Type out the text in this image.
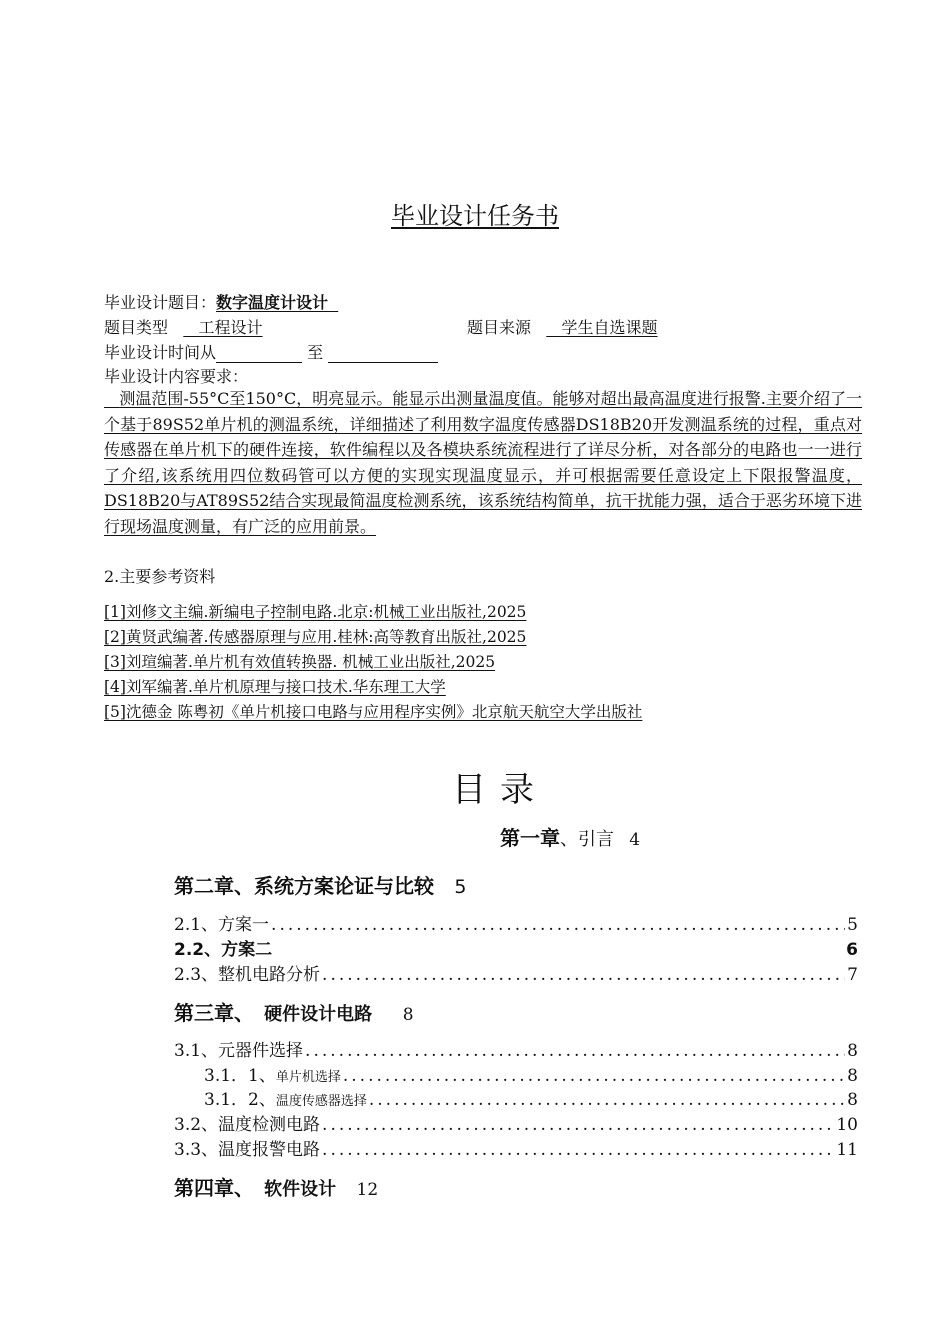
毕业设计任务书
毕业设计题目：数字温度计设计
题目类型 工程设计	题目来源 学生自选课题
毕业设计时间从	至
毕业设计内容要求：
测温范围-55°C至150°C，明亮显示。能显示出测量温度值。能够对超出最高温度进行报警.主要介绍了一个基于89S52单片机的测温系统，详细描述了利用数字温度传感器DS18B20开发测温系统的过程，重点对传感器在单片机下的硬件连接，软件编程以及各模块系统流程进行了详尽分析，对各部分的电路也一一进行了介绍,该系统用四位数码管可以方便的实现实现温度显示，并可根据需要任意设定上下限报警温度， DS18B20与AT89S52结合实现最简温度检测系统，该系统结构简单，抗干扰能力强，适合于恶劣环境下进行现场温度测量，有广泛的应用前景。
2.主要参考资料
[1]刘修文主编.新编电子控制电路.北京:机械工业出版社,2025
[2]黄贤武编著.传感器原理与应用.桂林:高等教育出版社,2025
[3]刘瑄编著.单片机有效值转换器. 机械工业出版社,2025
[4]刘军编著.单片机原理与接口技术.华东理工大学
[5]沈德金 陈粤初《单片机接口电路与应用程序实例》北京航天航空大学出版社
目录
第一章、引言 4
第二章、系统方案论证与比较 5
2.1、方案一 .....	5
2.2、方案二	6
2.3、整机电路分析 .....	7
第三章、 硬件设计电路 8
3.1、元器件选择 .....	8
3.1．1、单片机选择 .....	8
3.1．2、温度传感器选择 .....	8
3.2、温度检测电路 .....	10
3.3、温度报警电路 .....	11
第四章、 软件设计 12
